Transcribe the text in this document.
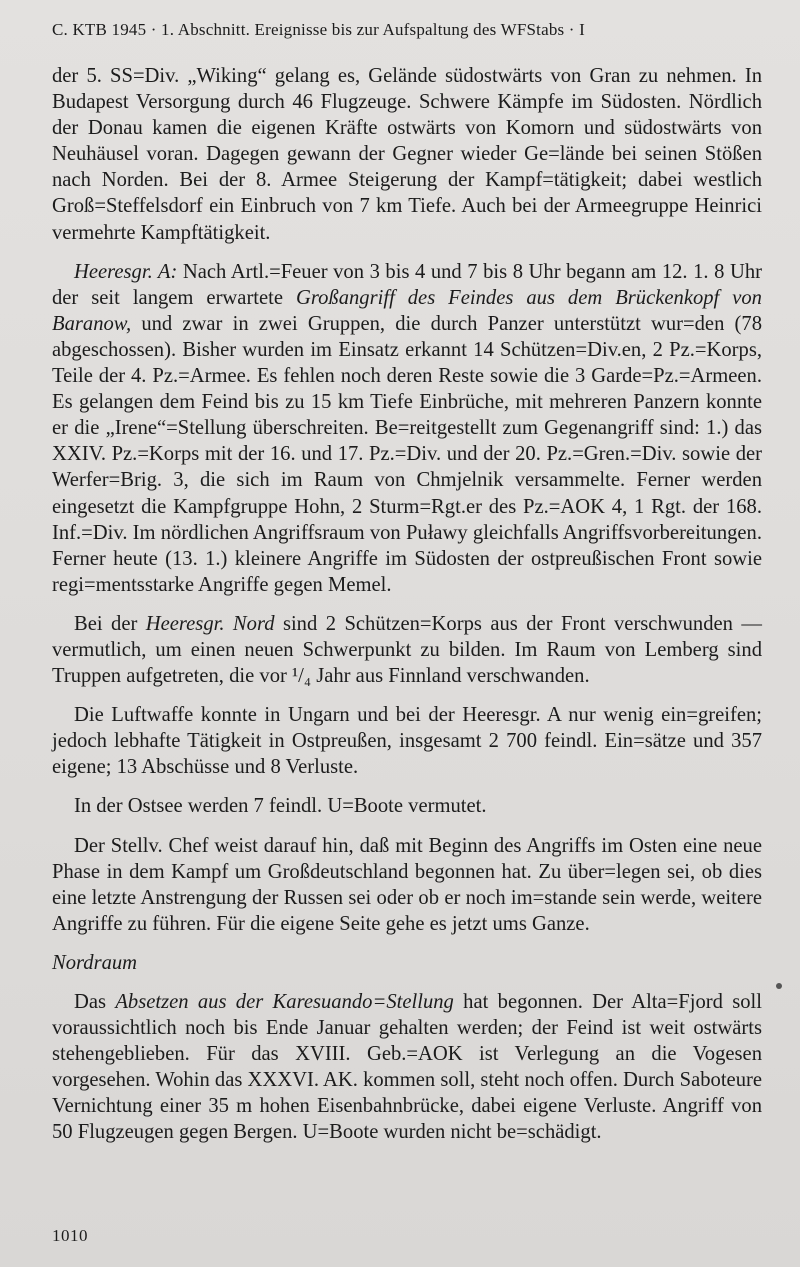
C. KTB 1945 · 1. Abschnitt. Ereignisse bis zur Aufspaltung des WFStabs · I

der 5. SS=Div. „Wiking“ gelang es, Gelände südostwärts von Gran zu nehmen. In Budapest Versorgung durch 46 Flugzeuge. Schwere Kämpfe im Südosten. Nördlich der Donau kamen die eigenen Kräfte ostwärts von Komorn und südostwärts von Neuhäusel voran. Dagegen gewann der Gegner wieder Ge=lände bei seinen Stößen nach Norden. Bei der 8. Armee Steigerung der Kampf=tätigkeit; dabei westlich Groß=Steffelsdorf ein Einbruch von 7 km Tiefe. Auch bei der Armeegruppe Heinrici vermehrte Kampftätigkeit.

Heeresgr. A: Nach Artl.=Feuer von 3 bis 4 und 7 bis 8 Uhr begann am 12. 1. 8 Uhr der seit langem erwartete Großangriff des Feindes aus dem Brückenkopf von Baranow, und zwar in zwei Gruppen, die durch Panzer unterstützt wur=den (78 abgeschossen). Bisher wurden im Einsatz erkannt 14 Schützen=Div.en, 2 Pz.=Korps, Teile der 4. Pz.=Armee. Es fehlen noch deren Reste sowie die 3 Garde=Pz.=Armeen. Es gelangen dem Feind bis zu 15 km Tiefe Einbrüche, mit mehreren Panzern konnte er die „Irene“=Stellung überschreiten. Be=reitgestellt zum Gegenangriff sind: 1.) das XXIV. Pz.=Korps mit der 16. und 17. Pz.=Div. und der 20. Pz.=Gren.=Div. sowie der Werfer=Brig. 3, die sich im Raum von Chmjelnik versammelte. Ferner werden eingesetzt die Kampfgruppe Hohn, 2 Sturm=Rgt.er des Pz.=AOK 4, 1 Rgt. der 168. Inf.=Div. Im nördlichen Angriffsraum von Puławy gleichfalls Angriffsvorbereitungen. Ferner heute (13. 1.) kleinere Angriffe im Südosten der ostpreußischen Front sowie regi=mentsstarke Angriffe gegen Memel.

Bei der Heeresgr. Nord sind 2 Schützen=Korps aus der Front verschwunden — vermutlich, um einen neuen Schwerpunkt zu bilden. Im Raum von Lemberg sind Truppen aufgetreten, die vor ¹/₄ Jahr aus Finnland verschwanden.

Die Luftwaffe konnte in Ungarn und bei der Heeresgr. A nur wenig ein=greifen; jedoch lebhafte Tätigkeit in Ostpreußen, insgesamt 2 700 feindl. Ein=sätze und 357 eigene; 13 Abschüsse und 8 Verluste.

In der Ostsee werden 7 feindl. U=Boote vermutet.

Der Stellv. Chef weist darauf hin, daß mit Beginn des Angriffs im Osten eine neue Phase in dem Kampf um Großdeutschland begonnen hat. Zu über=legen sei, ob dies eine letzte Anstrengung der Russen sei oder ob er noch im=stande sein werde, weitere Angriffe zu führen. Für die eigene Seite gehe es jetzt ums Ganze.

Nordraum

Das Absetzen aus der Karesuando=Stellung hat begonnen. Der Alta=Fjord soll voraussichtlich noch bis Ende Januar gehalten werden; der Feind ist weit ostwärts stehengeblieben. Für das XVIII. Geb.=AOK ist Verlegung an die Vogesen vorgesehen. Wohin das XXXVI. AK. kommen soll, steht noch offen. Durch Saboteure Vernichtung einer 35 m hohen Eisenbahnbrücke, dabei eigene Verluste. Angriff von 50 Flugzeugen gegen Bergen. U=Boote wurden nicht be=schädigt.

1010
